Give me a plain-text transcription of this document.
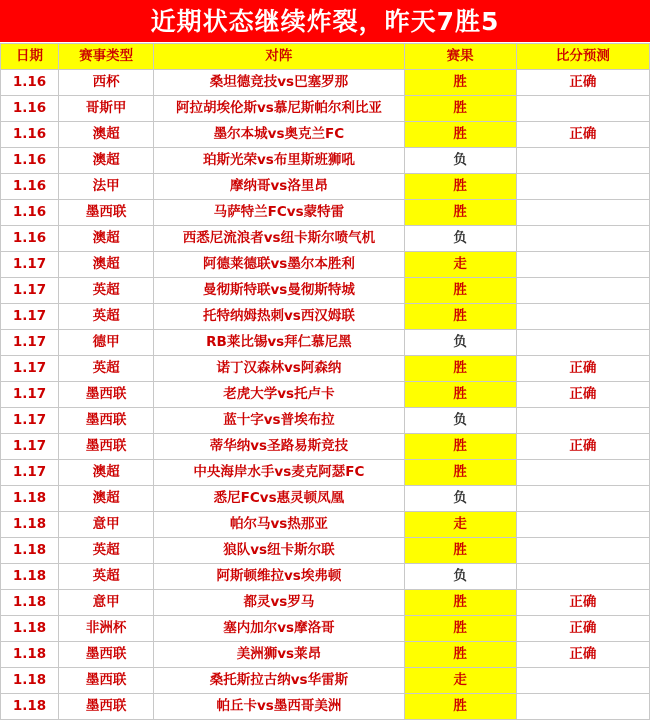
近期状态继续炸裂，昨天7胜5
日期	赛事类型	对阵	赛果	比分预测
1.16	西杯	桑坦德竞技vs巴塞罗那	胜	正确
1.16	哥斯甲	阿拉胡埃伦斯vs慕尼斯帕尔利比亚	胜	
1.16	澳超	墨尔本城vs奥克兰FC	胜	正确
1.16	澳超	珀斯光荣vs布里斯班狮吼	负	
1.16	法甲	摩纳哥vs洛里昂	胜	
1.16	墨西联	马萨特兰FCvs蒙特雷	胜	
1.16	澳超	西悉尼流浪者vs纽卡斯尔喷气机	负	
1.17	澳超	阿德莱德联vs墨尔本胜利	走	
1.17	英超	曼彻斯特联vs曼彻斯特城	胜	
1.17	英超	托特纳姆热刺vs西汉姆联	胜	
1.17	德甲	RB莱比锡vs拜仁慕尼黑	负	
1.17	英超	诺丁汉森林vs阿森纳	胜	正确
1.17	墨西联	老虎大学vs托卢卡	胜	正确
1.17	墨西联	蓝十字vs普埃布拉	负	
1.17	墨西联	蒂华纳vs圣路易斯竞技	胜	正确
1.17	澳超	中央海岸水手vs麦克阿瑟FC	胜	
1.18	澳超	悉尼FCvs惠灵顿凤凰	负	
1.18	意甲	帕尔马vs热那亚	走	
1.18	英超	狼队vs纽卡斯尔联	胜	
1.18	英超	阿斯顿维拉vs埃弗顿	负	
1.18	意甲	都灵vs罗马	胜	正确
1.18	非洲杯	塞内加尔vs摩洛哥	胜	正确
1.18	墨西联	美洲狮vs莱昂	胜	正确
1.18	墨西联	桑托斯拉古纳vs华雷斯	走	
1.18	墨西联	帕丘卡vs墨西哥美洲	胜	
